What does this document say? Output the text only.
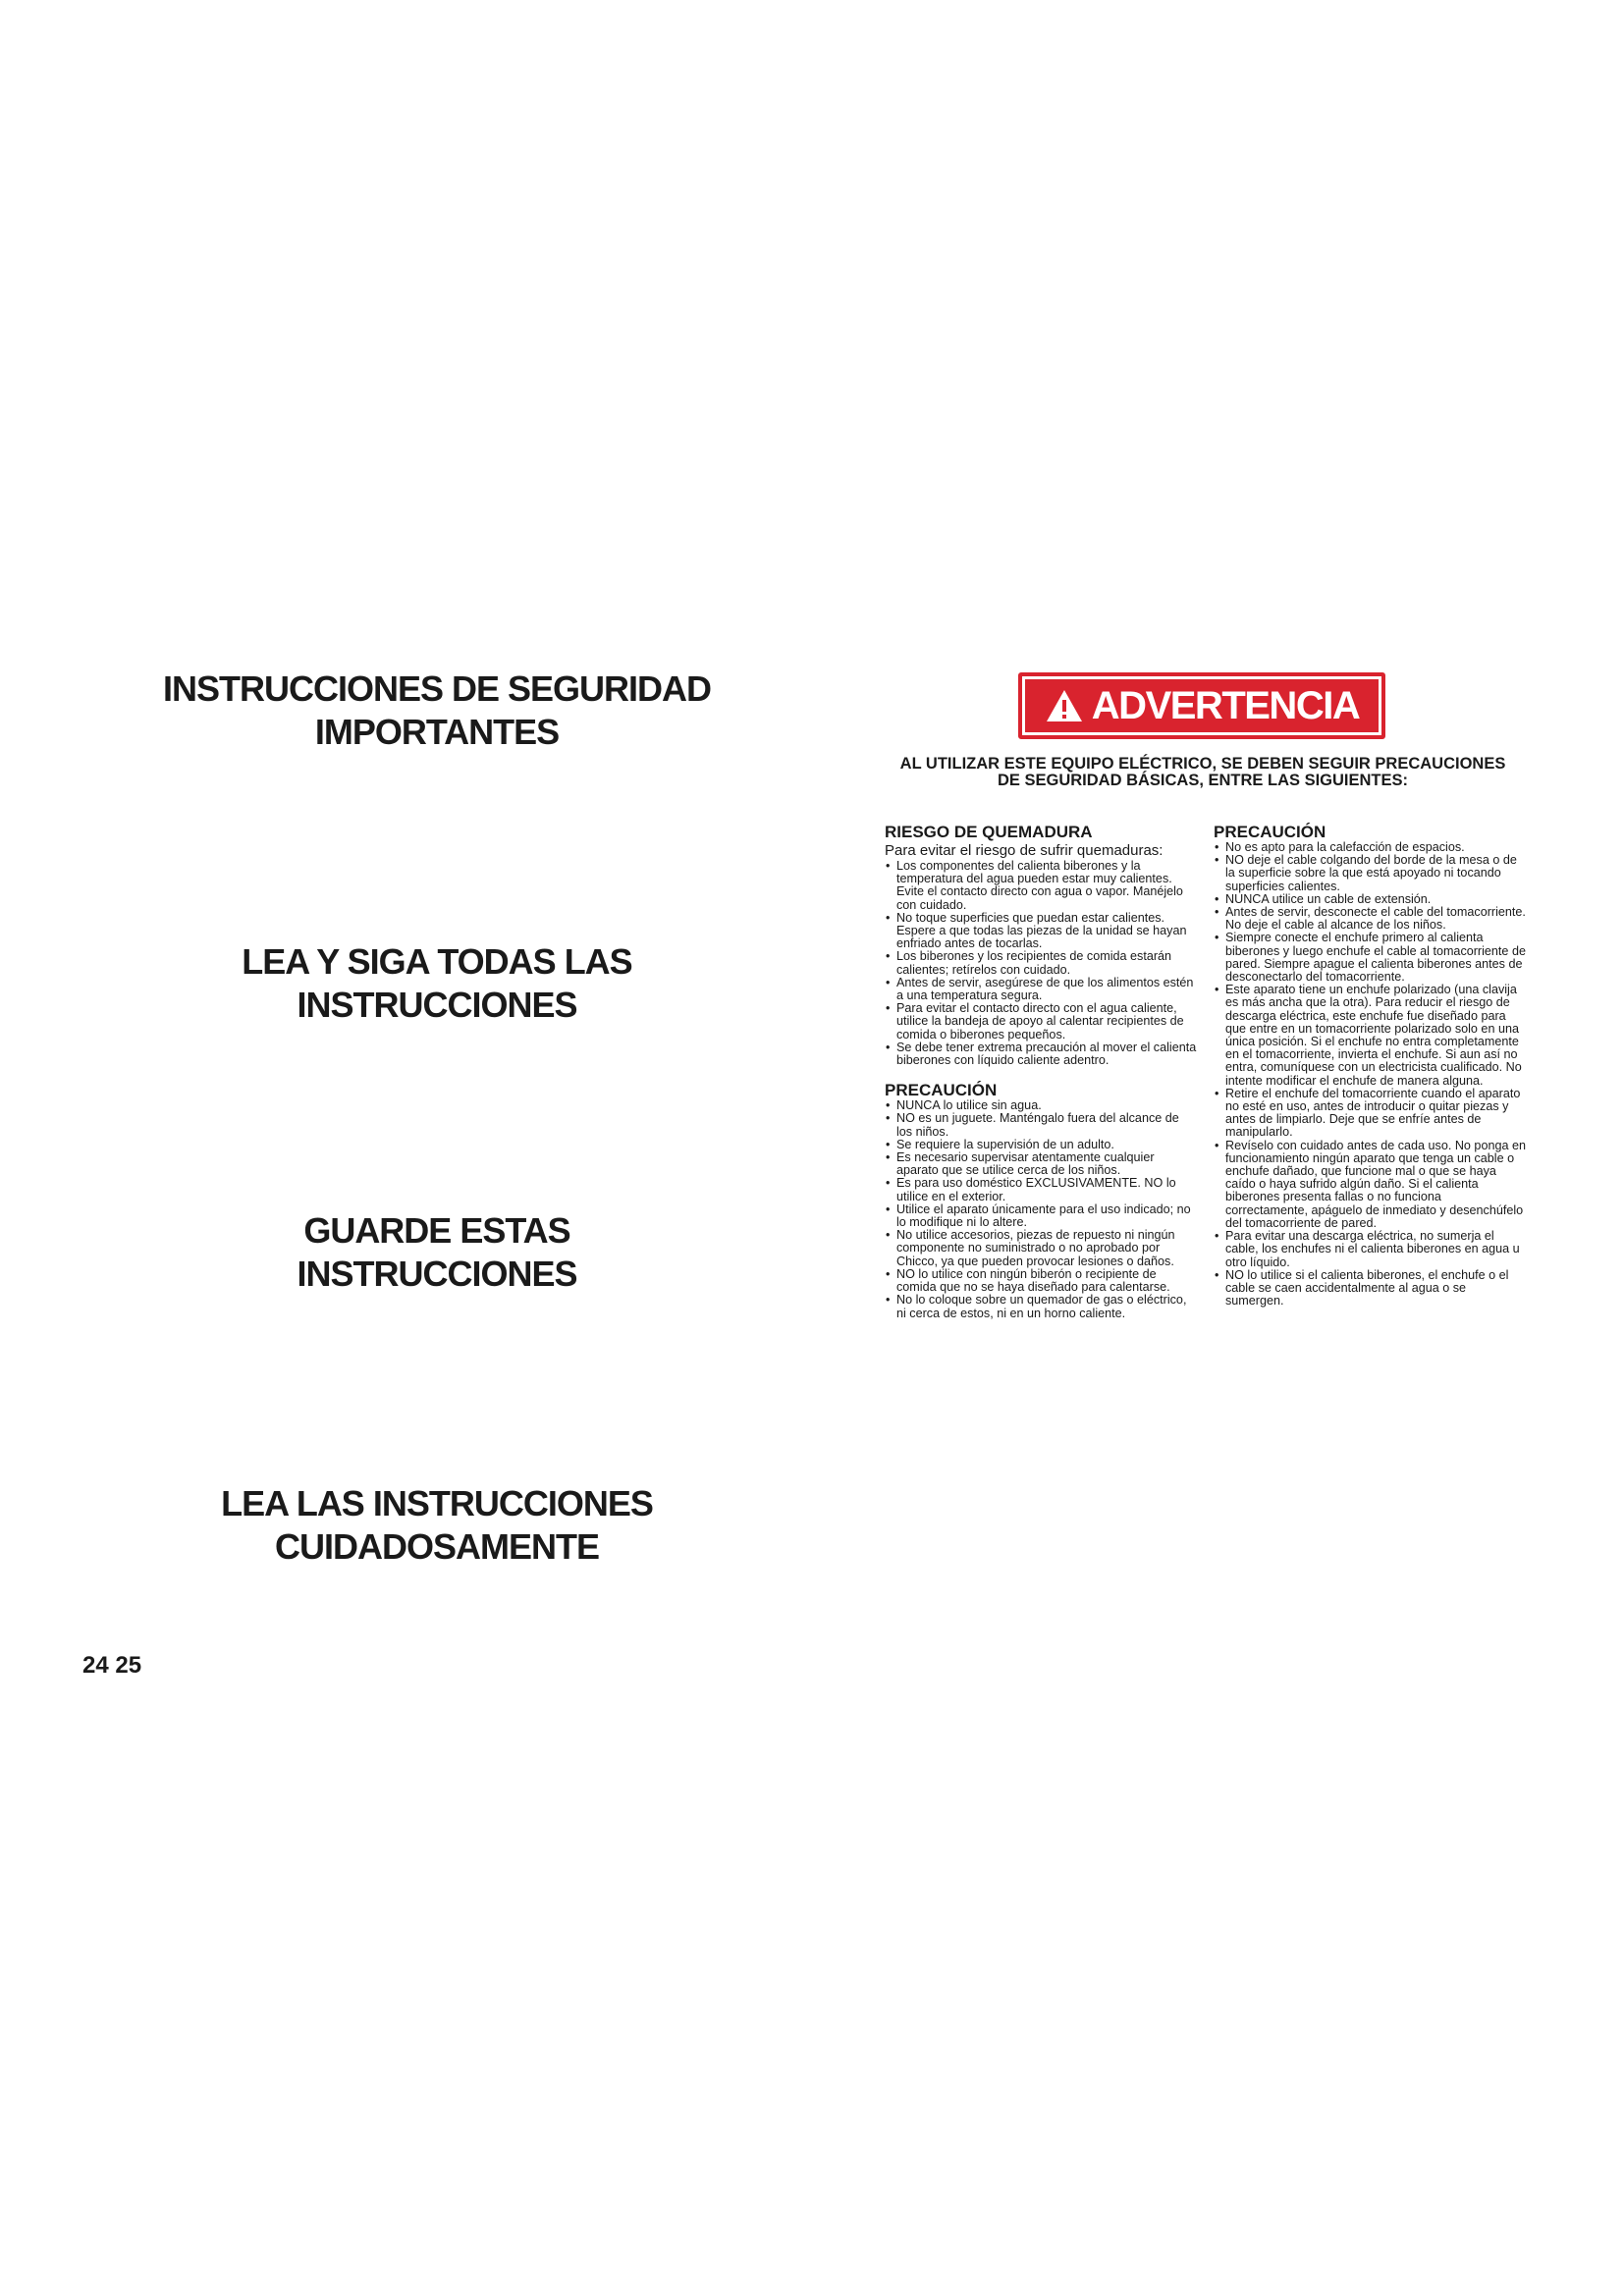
INSTRUCCIONES DE SEGURIDAD
IMPORTANTES
LEA Y SIGA TODAS LAS
INSTRUCCIONES
GUARDE ESTAS
INSTRUCCIONES
LEA LAS INSTRUCCIONES
CUIDADOSAMENTE
24 25
ADVERTENCIA
AL UTILIZAR ESTE EQUIPO ELÉCTRICO, SE DEBEN SEGUIR PRECAUCIONES
DE SEGURIDAD BÁSICAS, ENTRE LAS SIGUIENTES:
RIESGO DE QUEMADURA

Para evitar el riesgo de sufrir quemaduras:

• Los componentes del calienta biberones y la temperatura del agua pueden estar muy calientes. Evite el contacto directo con agua o vapor. Manéjelo con cuidado.
• No toque superficies que puedan estar calientes. Espere a que todas las piezas de la unidad se hayan enfriado antes de tocarlas.
• Los biberones y los recipientes de comida estarán calientes; retírelos con cuidado.
• Antes de servir, asegúrese de que los alimentos estén a una temperatura segura.
• Para evitar el contacto directo con el agua caliente, utilice la bandeja de apoyo al calentar recipientes de comida o biberones pequeños.
• Se debe tener extrema precaución al mover el calienta biberones con líquido caliente adentro.
PRECAUCIÓN
• NUNCA lo utilice sin agua.
• NO es un juguete. Manténgalo fuera del alcance de los niños.
• Se requiere la supervisión de un adulto.
• Es necesario supervisar atentamente cualquier aparato que se utilice cerca de los niños.
• Es para uso doméstico EXCLUSIVAMENTE. NO lo utilice en el exterior.
• Utilice el aparato únicamente para el uso indicado; no lo modifique ni lo altere.
• No utilice accesorios, piezas de repuesto ni ningún componente no suministrado o no aprobado por Chicco, ya que pueden provocar lesiones o daños.
• NO lo utilice con ningún biberón o recipiente de comida que no se haya diseñado para calentarse.
• No lo coloque sobre un quemador de gas o eléctrico, ni cerca de estos, ni en un horno caliente.
PRECAUCIÓN
• No es apto para la calefacción de espacios.
• NO deje el cable colgando del borde de la mesa o de la superficie sobre la que está apoyado ni tocando superficies calientes.
• NUNCA utilice un cable de extensión.
• Antes de servir, desconecte el cable del tomacorriente. No deje el cable al alcance de los niños.
• Siempre conecte el enchufe primero al calienta biberones y luego enchufe el cable al tomacorriente de pared. Siempre apague el calienta biberones antes de desconectarlo del tomacorriente.
• Este aparato tiene un enchufe polarizado (una clavija es más ancha que la otra). Para reducir el riesgo de descarga eléctrica, este enchufe fue diseñado para que entre en un tomacorriente polarizado solo en una única posición. Si el enchufe no entra completamente en el tomacorriente, invierta el enchufe. Si aun así no entra, comuníquese con un electricista cualificado. No intente modificar el enchufe de manera alguna.
• Retire el enchufe del tomacorriente cuando el aparato no esté en uso, antes de introducir o quitar piezas y antes de limpiarlo. Deje que se enfríe antes de manipularlo.
• Revíselo con cuidado antes de cada uso. No ponga en funcionamiento ningún aparato que tenga un cable o enchufe dañado, que funcione mal o que se haya caído o haya sufrido algún daño. Si el calienta biberones presenta fallas o no funciona correctamente, apáguelo de inmediato y desenchúfelo del tomacorriente de pared.
• Para evitar una descarga eléctrica, no sumerja el cable, los enchufes ni el calienta biberones en agua u otro líquido.
• NO lo utilice si el calienta biberones, el enchufe o el cable se caen accidentalmente al agua o se sumergen.
